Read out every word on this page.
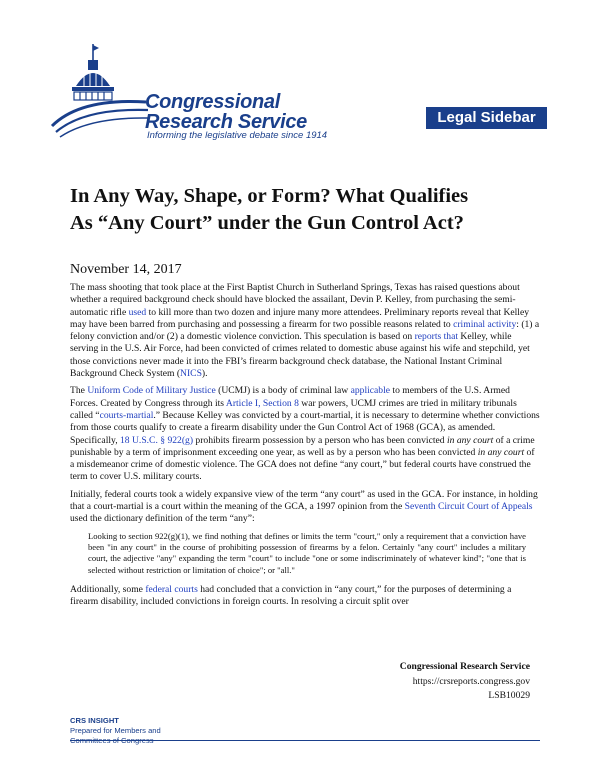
Congressional
Research Service
Informing the legislative debate since 1914
Legal Sidebar
In Any Way, Shape, or Form? What Qualifies
As “Any Court” under the Gun Control Act?
November 14, 2017

The mass shooting that took place at the First Baptist Church in Sutherland Springs, Texas has raised questions about whether a required background check should have blocked the assailant, Devin P. Kelley, from purchasing the semi-automatic rifle used to kill more than two dozen and injure many more attendees. Preliminary reports reveal that Kelley may have been barred from purchasing and possessing a firearm for two possible reasons related to criminal activity: (1) a felony conviction and/or (2) a domestic violence conviction. This speculation is based on reports that Kelley, while serving in the U.S. Air Force, had been convicted of crimes related to domestic abuse against his wife and stepchild, yet those convictions never made it into the FBI’s firearm background check database, the National Instant Criminal Background Check System (NICS).

The Uniform Code of Military Justice (UCMJ) is a body of criminal law applicable to members of the U.S. Armed Forces. Created by Congress through its Article I, Section 8 war powers, UCMJ crimes are tried in military tribunals called “courts-martial.” Because Kelley was convicted by a court-martial, it is necessary to determine whether convictions from those courts qualify to create a firearm disability under the Gun Control Act of 1968 (GCA), as amended. Specifically, 18 U.S.C. § 922(g) prohibits firearm possession by a person who has been convicted in any court of a crime punishable by a term of imprisonment exceeding one year, as well as by a person who has been convicted in any court of a misdemeanor crime of domestic violence. The GCA does not define “any court,” but federal courts have construed the term to cover U.S. military courts.

Initially, federal courts took a widely expansive view of the term “any court” as used in the GCA. For instance, in holding that a court-martial is a court within the meaning of the GCA, a 1997 opinion from the Seventh Circuit Court of Appeals used the dictionary definition of the term “any”:

Looking to section 922(g)(1), we find nothing that defines or limits the term "court," only a requirement that a conviction have been "in any court" in the course of prohibiting possession of firearms by a felon. Certainly "any court" includes a military court, the adjective "any" expanding the term "court" to include "one or some indiscriminately of whatever kind"; "one that is selected without restriction or limitation of choice"; or "all."

Additionally, some federal courts had concluded that a conviction in “any court,” for the purposes of determining a firearm disability, included convictions in foreign courts. In resolving a circuit split over

Congressional Research Service
https://crsreports.congress.gov
LSB10029
CRS INSIGHT
Prepared for Members and
Committees of Congress
